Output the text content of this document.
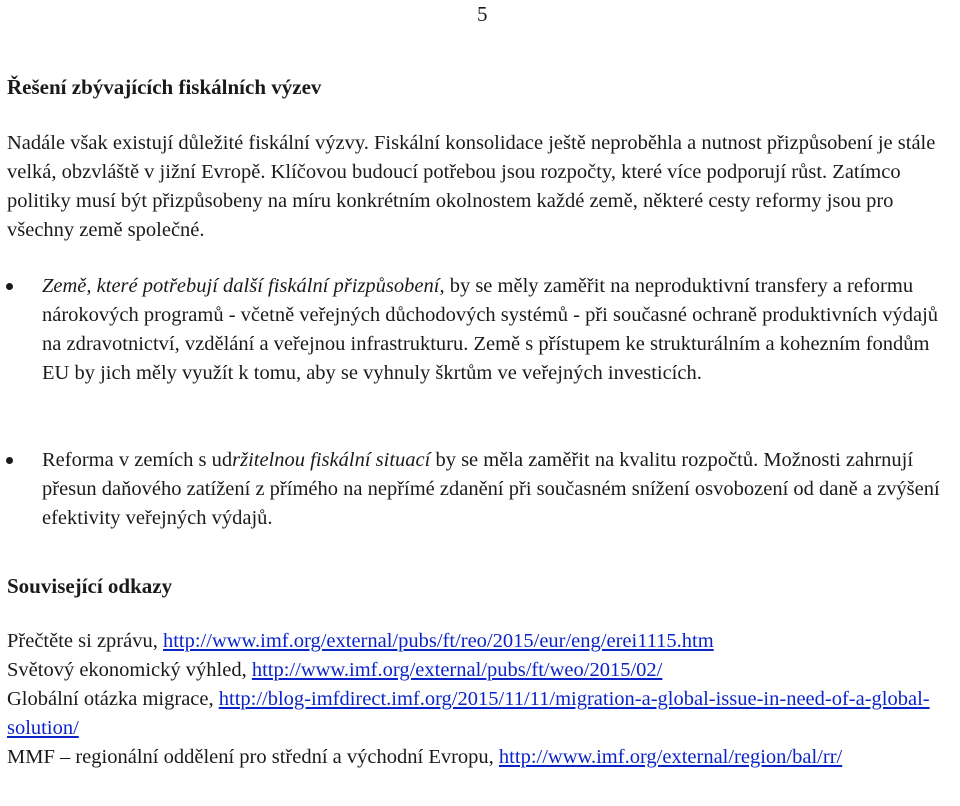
5
Řešení zbývajících fiskálních výzev

Nadále však existují důležité fiskální výzvy. Fiskální konsolidace ještě neproběhla a nutnost přizpůsobení je stále velká, obzvláště v jižní Evropě. Klíčovou budoucí potřebou jsou rozpočty, které více podporují růst. Zatímco politiky musí být přizpůsobeny na míru konkrétním okolnostem každé země, některé cesty reformy jsou pro všechny země společné.

Země, které potřebují další fiskální přizpůsobení, by se měly zaměřit na neproduktivní transfery a reformu nárokových programů - včetně veřejných důchodových systémů - při současné ochraně produktivních výdajů na zdravotnictví, vzdělání a veřejnou infrastrukturu. Země s přístupem ke strukturálním a kohezním fondům EU by jich měly využít k tomu, aby se vyhnuly škrtům ve veřejných investicích.

Reforma v zemích s udržitelnou fiskální situací by se měla zaměřit na kvalitu rozpočtů. Možnosti zahrnují přesun daňového zatížení z přímého na nepřímé zdanění při současném snížení osvobození od daně a zvýšení efektivity veřejných výdajů.

Související odkazy
Přečtěte si zprávu, http://www.imf.org/external/pubs/ft/reo/2015/eur/eng/erei1115.htm
Světový ekonomický výhled, http://www.imf.org/external/pubs/ft/weo/2015/02/
Globální otázka migrace, http://blog-imfdirect.imf.org/2015/11/11/migration-a-global-issue-in-need-of-a-global-solution/
MMF – regionální oddělení pro střední a východní Evropu, http://www.imf.org/external/region/bal/rr/
